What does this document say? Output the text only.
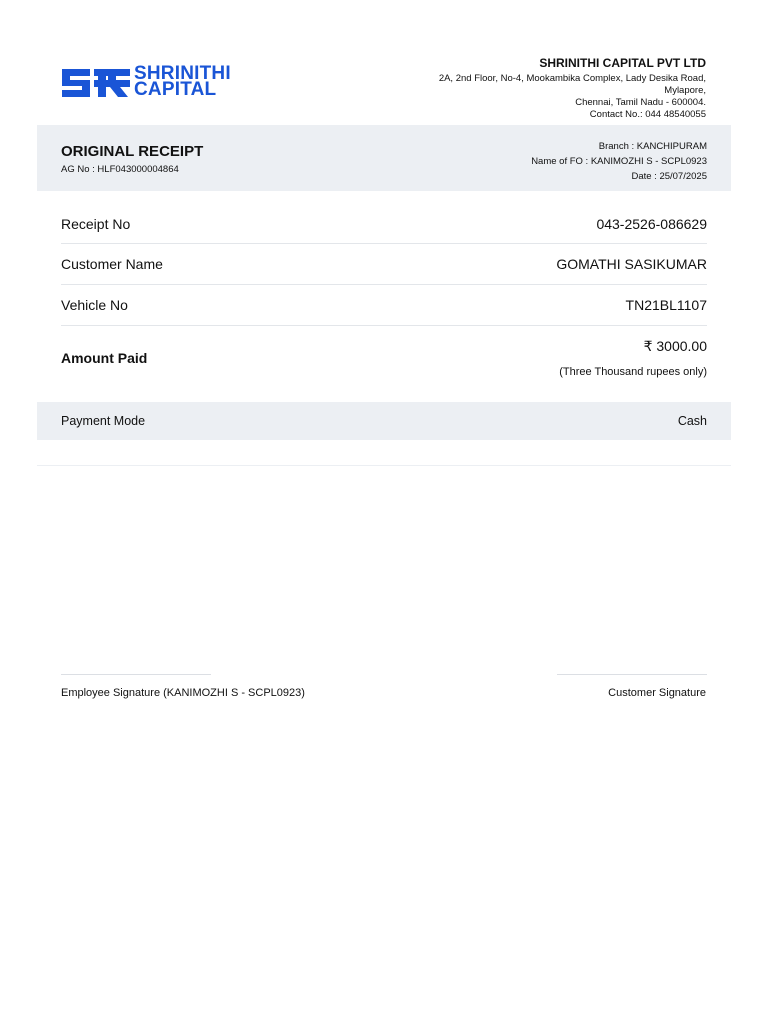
SHRINITHI
CAPITAL
SHRINITHI CAPITAL PVT LTD
2A, 2nd Floor, No-4, Mookambika Complex, Lady Desika Road,
Mylapore,
Chennai, Tamil Nadu - 600004.
Contact No.: 044 48540055
ORIGINAL RECEIPT
AG No : HLF043000004864
Branch : KANCHIPURAM
Name of FO : KANIMOZHI S - SCPL0923
Date : 25/07/2025
Receipt No	043-2526-086629
Customer Name	GOMATHI SASIKUMAR
Vehicle No	TN21BL1107
Amount Paid
₹ 3000.00
(Three Thousand rupees only)
Payment Mode	Cash
Employee Signature (KANIMOZHI S - SCPL0923)	Customer Signature
